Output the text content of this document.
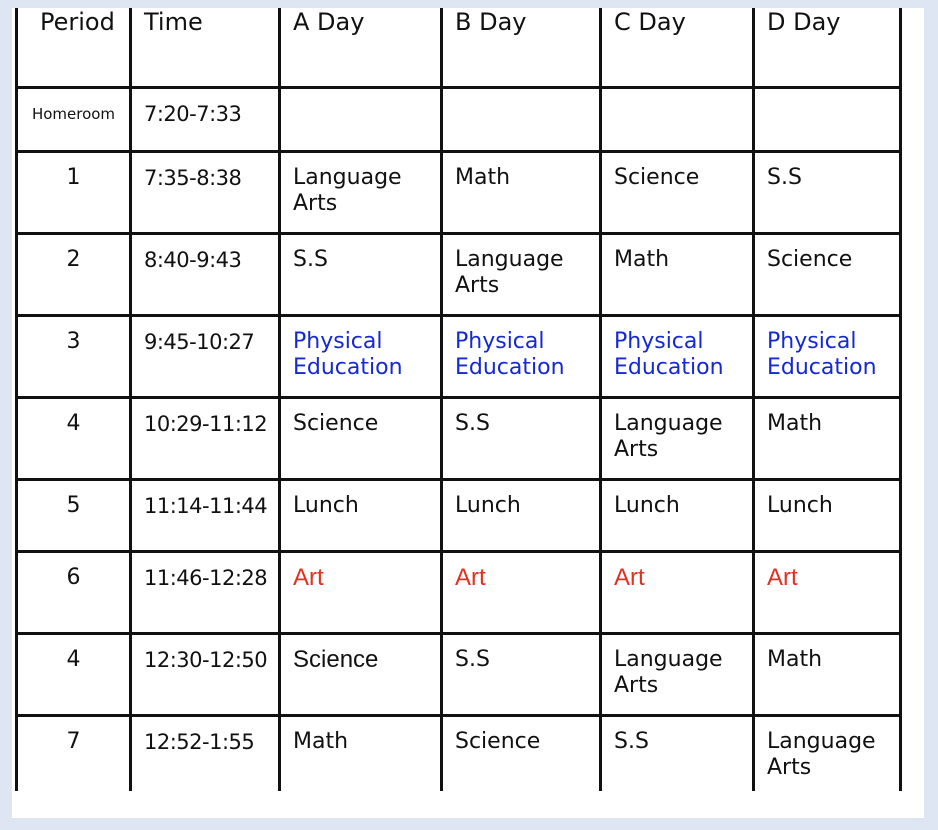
Period	Time	A Day	B Day	C Day	D Day

Homeroom	7:20-7:33				

1	7:35-8:38	Language Arts	Math	Science	S.S

2	8:40-9:43	S.S	Language Arts	Math	Science

3	9:45-10:27	Physical Education	Physical Education	Physical Education	Physical Education

4	10:29-11:12	Science	S.S	Language Arts	Math

5	11:14-11:44	Lunch	Lunch	Lunch	Lunch

6	11:46-12:28	Art	Art	Art	Art

4	12:30-12:50	Science	S.S	Language Arts	Math

7	12:52-1:55	Math	Science	S.S	Language Arts
